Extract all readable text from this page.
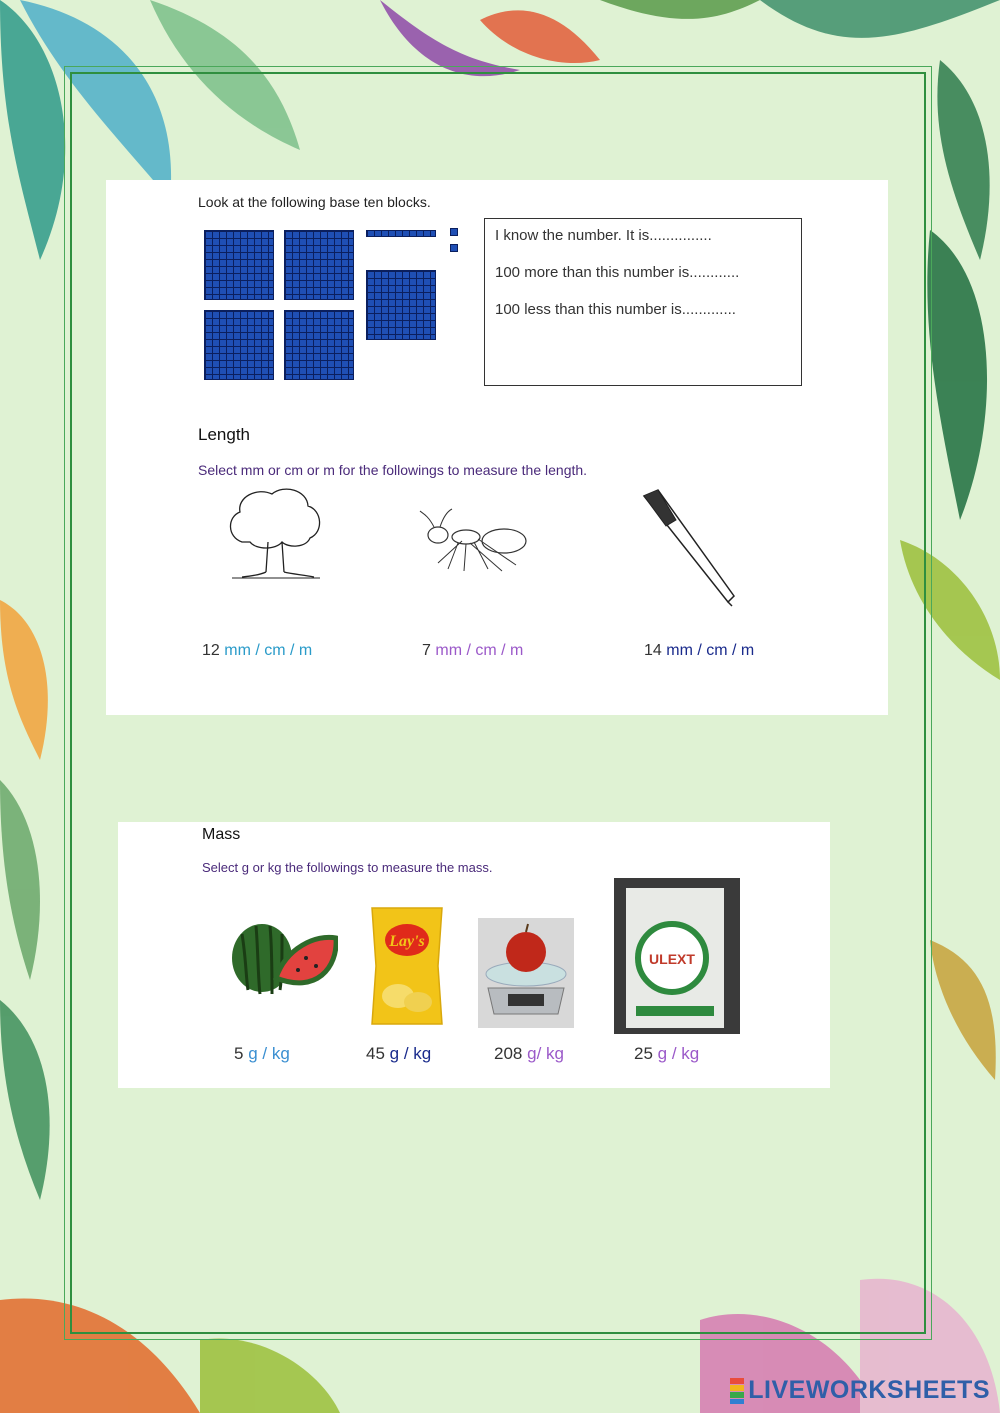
Look at the following base ten blocks.
I know the number. It is...............
100 more than this number is............
100 less than this number is.............
Length
Select mm or cm or m for the followings to measure the length.
12 mm / cm / m	7 mm / cm / m	14 mm / cm / m
Mass
Select g or kg the followings to measure the mass.
Lay's
ULEXT
5 g / kg	45 g / kg	208 g/ kg	25 g / kg
LIVEWORKSHEETS
